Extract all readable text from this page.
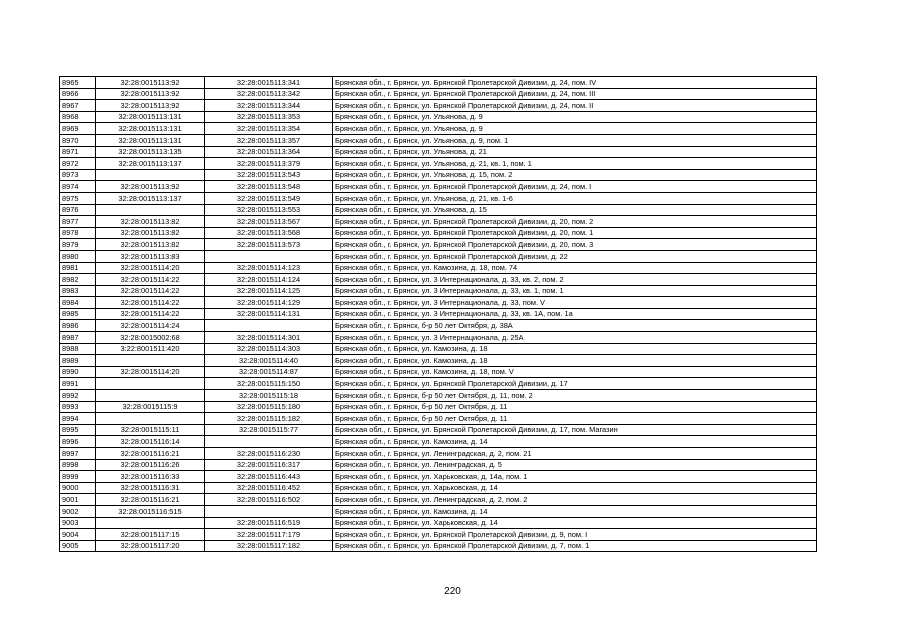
8965	32:28:0015113:92	32:28:0015113:341	Брянская обл., г. Брянск, ул. Брянской Пролетарской Дивизии, д. 24, пом. IV
8966	32:28:0015113:92	32:28:0015113:342	Брянская обл., г. Брянск, ул. Брянской Пролетарской Дивизии, д. 24, пом. III
8967	32:28:0015113:92	32:28:0015113:344	Брянская обл., г. Брянск, ул. Брянской Пролетарской Дивизии, д. 24, пом. II
8968	32:28:0015113:131	32:28:0015113:353	Брянская обл., г. Брянск, ул. Ульянова, д. 9
8969	32:28:0015113:131	32:28:0015113:354	Брянская обл., г. Брянск, ул. Ульянова, д. 9
8970	32:28:0015113:131	32:28:0015113:357	Брянская обл., г. Брянск, ул. Ульянова, д. 9, пом. 1
8971	32:28:0015113:135	32:28:0015113:364	Брянская обл., г. Брянск, ул. Ульянова, д. 21
8972	32:28:0015113:137	32:28:0015113:379	Брянская обл., г. Брянск, ул. Ульянова, д. 21, кв. 1, пом. 1
8973		32:28:0015113:543	Брянская обл., г. Брянск, ул. Ульянова, д. 15, пом. 2
8974	32:28:0015113:92	32:28:0015113:548	Брянская обл., г. Брянск, ул. Брянской Пролетарской Дивизии, д. 24, пом. I
8975	32:28:0015113:137	32:28:0015113:549	Брянская обл., г. Брянск, ул. Ульянова, д. 21, кв. 1-6
8976		32:28:0015113:553	Брянская обл., г. Брянск, ул. Ульянова, д. 15
8977	32:28:0015113:82	32:28:0015113:567	Брянская обл., г. Брянск, ул. Брянской Пролетарской Дивизии, д. 20, пом. 2
8978	32:28:0015113:82	32:28:0015113:568	Брянская обл., г. Брянск, ул. Брянской Пролетарской Дивизии, д. 20, пом. 1
8979	32:28:0015113:82	32:28:0015113:573	Брянская обл., г. Брянск, ул. Брянской Пролетарской Дивизии, д. 20, пом. 3
8980	32:28:0015113:83		Брянская обл., г. Брянск, ул. Брянской Пролетарской Дивизии, д. 22
8981	32:28:0015114:20	32:28:0015114:123	Брянская обл., г. Брянск, ул. Камозина, д. 18, пом. 74
8982	32:28:0015114:22	32:28:0015114:124	Брянская обл., г. Брянск, ул. 3 Интернационала, д. 33, кв. 2, пом. 2
8983	32:28:0015114:22	32:28:0015114:125	Брянская обл., г. Брянск, ул. 3 Интернационала, д. 33, кв. 1, пом. 1
8984	32:28:0015114:22	32:28:0015114:129	Брянская обл., г. Брянск, ул. 3 Интернационала, д. 33, пом. V
8985	32:28:0015114:22	32:28:0015114:131	Брянская обл., г. Брянск, ул. 3 Интернационала, д. 33, кв. 1А, пом. 1а
8986	32:28:0015114:24		Брянская обл., г. Брянск, б-р 50 лет Октября, д. 38А
8987	32:28:0015002:68	32:28:0015114:301	Брянская обл., г. Брянск, ул. 3 Интернационала, д. 25А
8988	3:22:8001511:420	32:28:0015114:303	Брянская обл., г. Брянск, ул. Камозина, д. 18
8989		32:28:0015114:40	Брянская обл., г. Брянск, ул. Камозина, д. 18
8990	32:28:0015114:20	32:28:0015114:87	Брянская обл., г. Брянск, ул. Камозина, д. 18, пом. V
8991		32:28:0015115:150	Брянская обл., г. Брянск, ул. Брянской Пролетарской Дивизии, д. 17
8992		32:28:0015115:18	Брянская обл., г. Брянск, б-р 50 лет Октября, д. 11, пом. 2
8993	32:28:0015115:9	32:28:0015115:180	Брянская обл., г. Брянск, б-р 50 лет Октября, д. 11
8994		32:28:0015115:182	Брянская обл., г. Брянск, б-р 50 лет Октября, д. 11
8995	32:28:0015115:11	32:28:0015115:77	Брянская обл., г. Брянск, ул. Брянской Пролетарской Дивизии, д. 17, пом. Магазин
8996	32:28:0015116:14		Брянская обл., г. Брянск, ул. Камозина, д. 14
8997	32:28:0015116:21	32:28:0015116:230	Брянская обл., г. Брянск, ул. Ленинградская, д. 2, пом. 21
8998	32:28:0015116:26	32:28:0015116:317	Брянская обл., г. Брянск, ул. Ленинградская, д. 5
8999	32:28:0015116:33	32:28:0015116:443	Брянская обл., г. Брянск, ул. Харьковская, д. 14а, пом. 1
9000	32:28:0015116:31	32:28:0015116:452	Брянская обл., г. Брянск, ул. Харьковская, д. 14
9001	32:28:0015116:21	32:28:0015116:502	Брянская обл., г. Брянск, ул. Ленинградская, д. 2, пом. 2
9002	32:28:0015116:515		Брянская обл., г. Брянск, ул. Камозина, д. 14
9003		32:28:0015116:519	Брянская обл., г. Брянск, ул. Харьковская, д. 14
9004	32:28:0015117:15	32:28:0015117:179	Брянская обл., г. Брянск, ул. Брянской Пролетарской Дивизии, д. 9, пом. I
9005	32:28:0015117:20	32:28:0015117:182	Брянская обл., г. Брянск, ул. Брянской Пролетарской Дивизии, д. 7, пом. 1
220
